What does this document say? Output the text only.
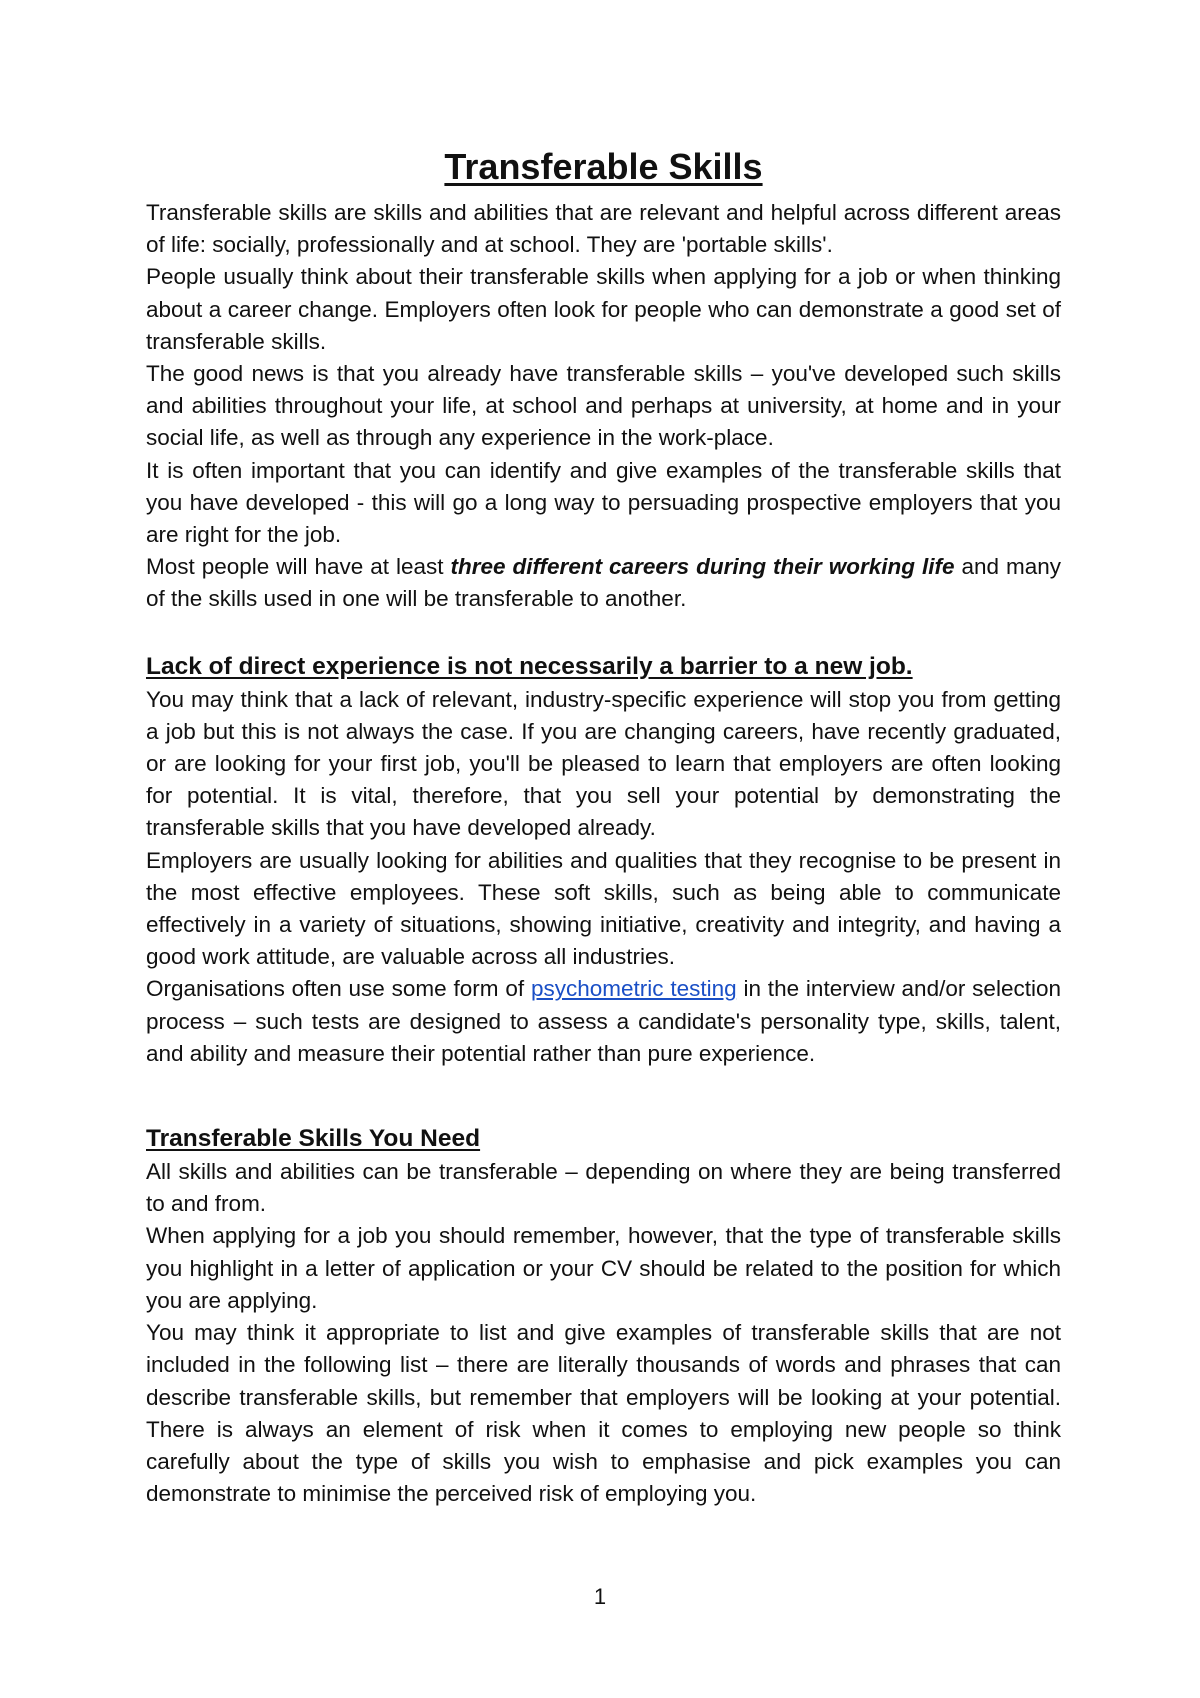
Transferable Skills

Transferable skills are skills and abilities that are relevant and helpful across different areas of life: socially, professionally and at school. They are 'portable skills'.

People usually think about their transferable skills when applying for a job or when thinking about a career change. Employers often look for people who can demonstrate a good set of transferable skills.

The good news is that you already have transferable skills – you've developed such skills and abilities throughout your life, at school and perhaps at university, at home and in your social life, as well as through any experience in the work-place.

It is often important that you can identify and give examples of the transferable skills that you have developed - this will go a long way to persuading prospective employers that you are right for the job.

Most people will have at least three different careers during their working life and many of the skills used in one will be transferable to another.

Lack of direct experience is not necessarily a barrier to a new job.

You may think that a lack of relevant, industry-specific experience will stop you from getting a job but this is not always the case. If you are changing careers, have recently graduated, or are looking for your first job, you'll be pleased to learn that employers are often looking for potential. It is vital, therefore, that you sell your potential by demonstrating the transferable skills that you have developed already.

Employers are usually looking for abilities and qualities that they recognise to be present in the most effective employees. These soft skills, such as being able to communicate effectively in a variety of situations, showing initiative, creativity and integrity, and having a good work attitude, are valuable across all industries.

Organisations often use some form of psychometric testing in the interview and/or selection process – such tests are designed to assess a candidate's personality type, skills, talent, and ability and measure their potential rather than pure experience.

Transferable Skills You Need

All skills and abilities can be transferable – depending on where they are being transferred to and from.

When applying for a job you should remember, however, that the type of transferable skills you highlight in a letter of application or your CV should be related to the position for which you are applying.

You may think it appropriate to list and give examples of transferable skills that are not included in the following list – there are literally thousands of words and phrases that can describe transferable skills, but remember that employers will be looking at your potential. There is always an element of risk when it comes to employing new people so think carefully about the type of skills you wish to emphasise and pick examples you can demonstrate to minimise the perceived risk of employing you.

1
